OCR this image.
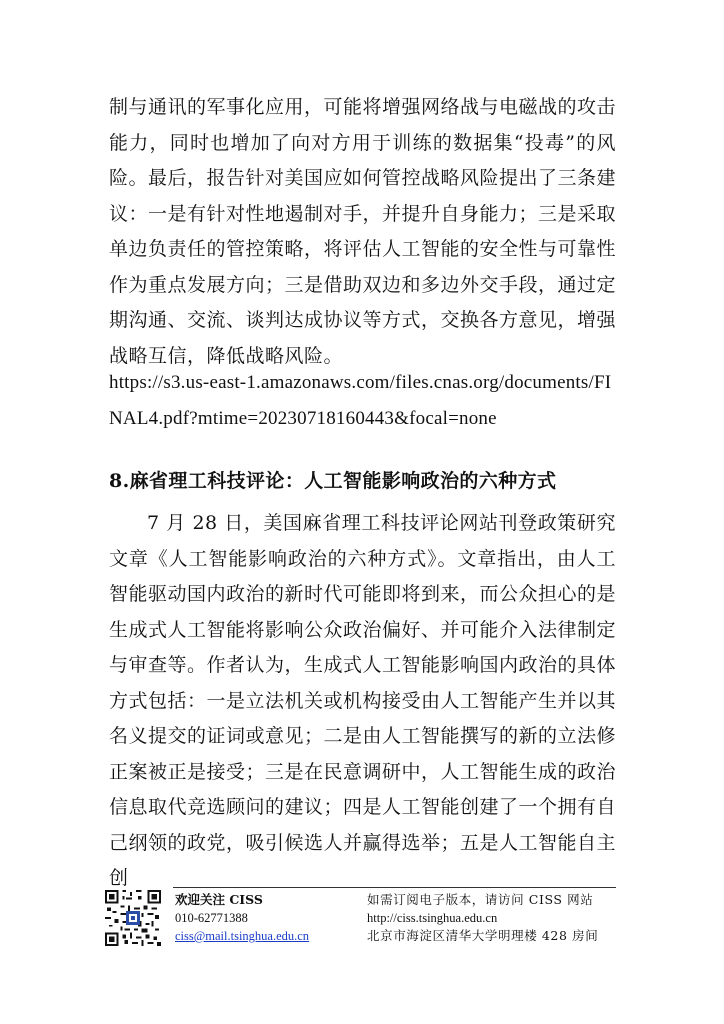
制与通讯的军事化应用，可能将增强网络战与电磁战的攻击能力，同时也增加了向对方用于训练的数据集“投毒”的风险。最后，报告针对美国应如何管控战略风险提出了三条建议：一是有针对性地遏制对手，并提升自身能力；三是采取单边负责任的管控策略，将评估人工智能的安全性与可靠性作为重点发展方向；三是借助双边和多边外交手段，通过定期沟通、交流、谈判达成协议等方式，交换各方意见，增强战略互信，降低战略风险。

https://s3.us-east-1.amazonaws.com/files.cnas.org/documents/FINAL4.pdf?mtime=20230718160443&focal=none

8.麻省理工科技评论：人工智能影响政治的六种方式

7 月 28 日，美国麻省理工科技评论网站刊登政策研究文章《人工智能影响政治的六种方式》。文章指出，由人工智能驱动国内政治的新时代可能即将到来，而公众担心的是生成式人工智能将影响公众政治偏好、并可能介入法律制定与审查等。作者认为，生成式人工智能影响国内政治的具体方式包括：一是立法机关或机构接受由人工智能产生并以其名义提交的证词或意见；二是由人工智能撰写的新的立法修正案被正是接受；三是在民意调研中，人工智能生成的政治信息取代竞选顾问的建议；四是人工智能创建了一个拥有自己纲领的政党，吸引候选人并赢得选举；五是人工智能自主创

欢迎关注 CISS

010-62771388

ciss@mail.tsinghua.edu.cn

如需订阅电子版本，请访问 CISS 网站

http://ciss.tsinghua.edu.cn

北京市海淀区清华大学明理楼 428 房间
